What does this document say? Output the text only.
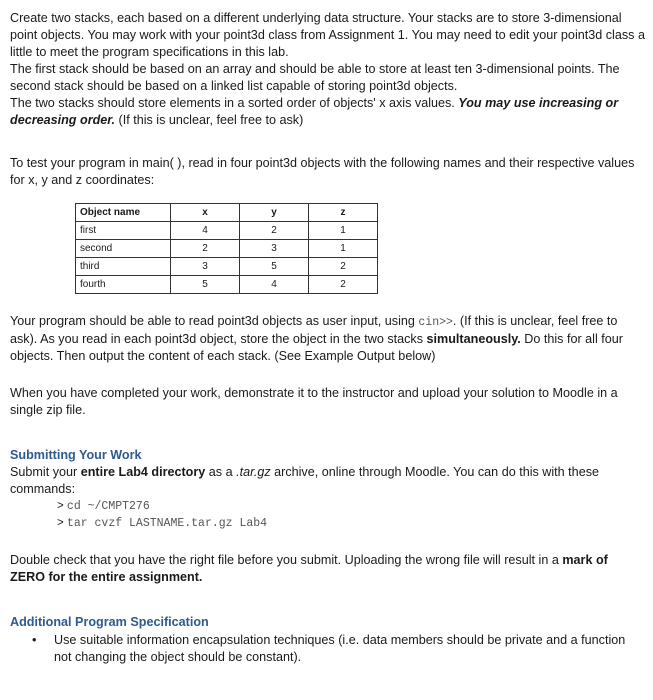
Create two stacks, each based on a different underlying data structure. Your stacks are to store 3-dimensional point objects. You may work with your point3d class from Assignment 1. You may need to edit your point3d class a little to meet the program specifications in this lab.

The first stack should be based on an array and should be able to store at least ten 3-dimensional points. The second stack should be based on a linked list capable of storing point3d objects.

The two stacks should store elements in a sorted order of objects' x axis values. You may use increasing or decreasing order. (If this is unclear, feel free to ask)

To test your program in main( ), read in four point3d objects with the following names and their respective values for x, y and z coordinates:

Object name	x	y	z
first	4	2	1
second	2	3	1
third	3	5	2
fourth	5	4	2

Your program should be able to read point3d objects as user input, using cin>>. (If this is unclear, feel free to ask). As you read in each point3d object, store the object in the two stacks simultaneously. Do this for all four objects. Then output the content of each stack. (See Example Output below)

When you have completed your work, demonstrate it to the instructor and upload your solution to Moodle in a single zip file.

Submitting Your Work

Submit your entire Lab4 directory as a .tar.gz archive, online through Moodle. You can do this with these commands:

> cd ~/CMPT276
> tar cvzf LASTNAME.tar.gz Lab4

Double check that you have the right file before you submit. Uploading the wrong file will result in a mark of ZERO for the entire assignment.

Additional Program Specification

•	Use suitable information encapsulation techniques (i.e. data members should be private and a function not changing the object should be constant).
